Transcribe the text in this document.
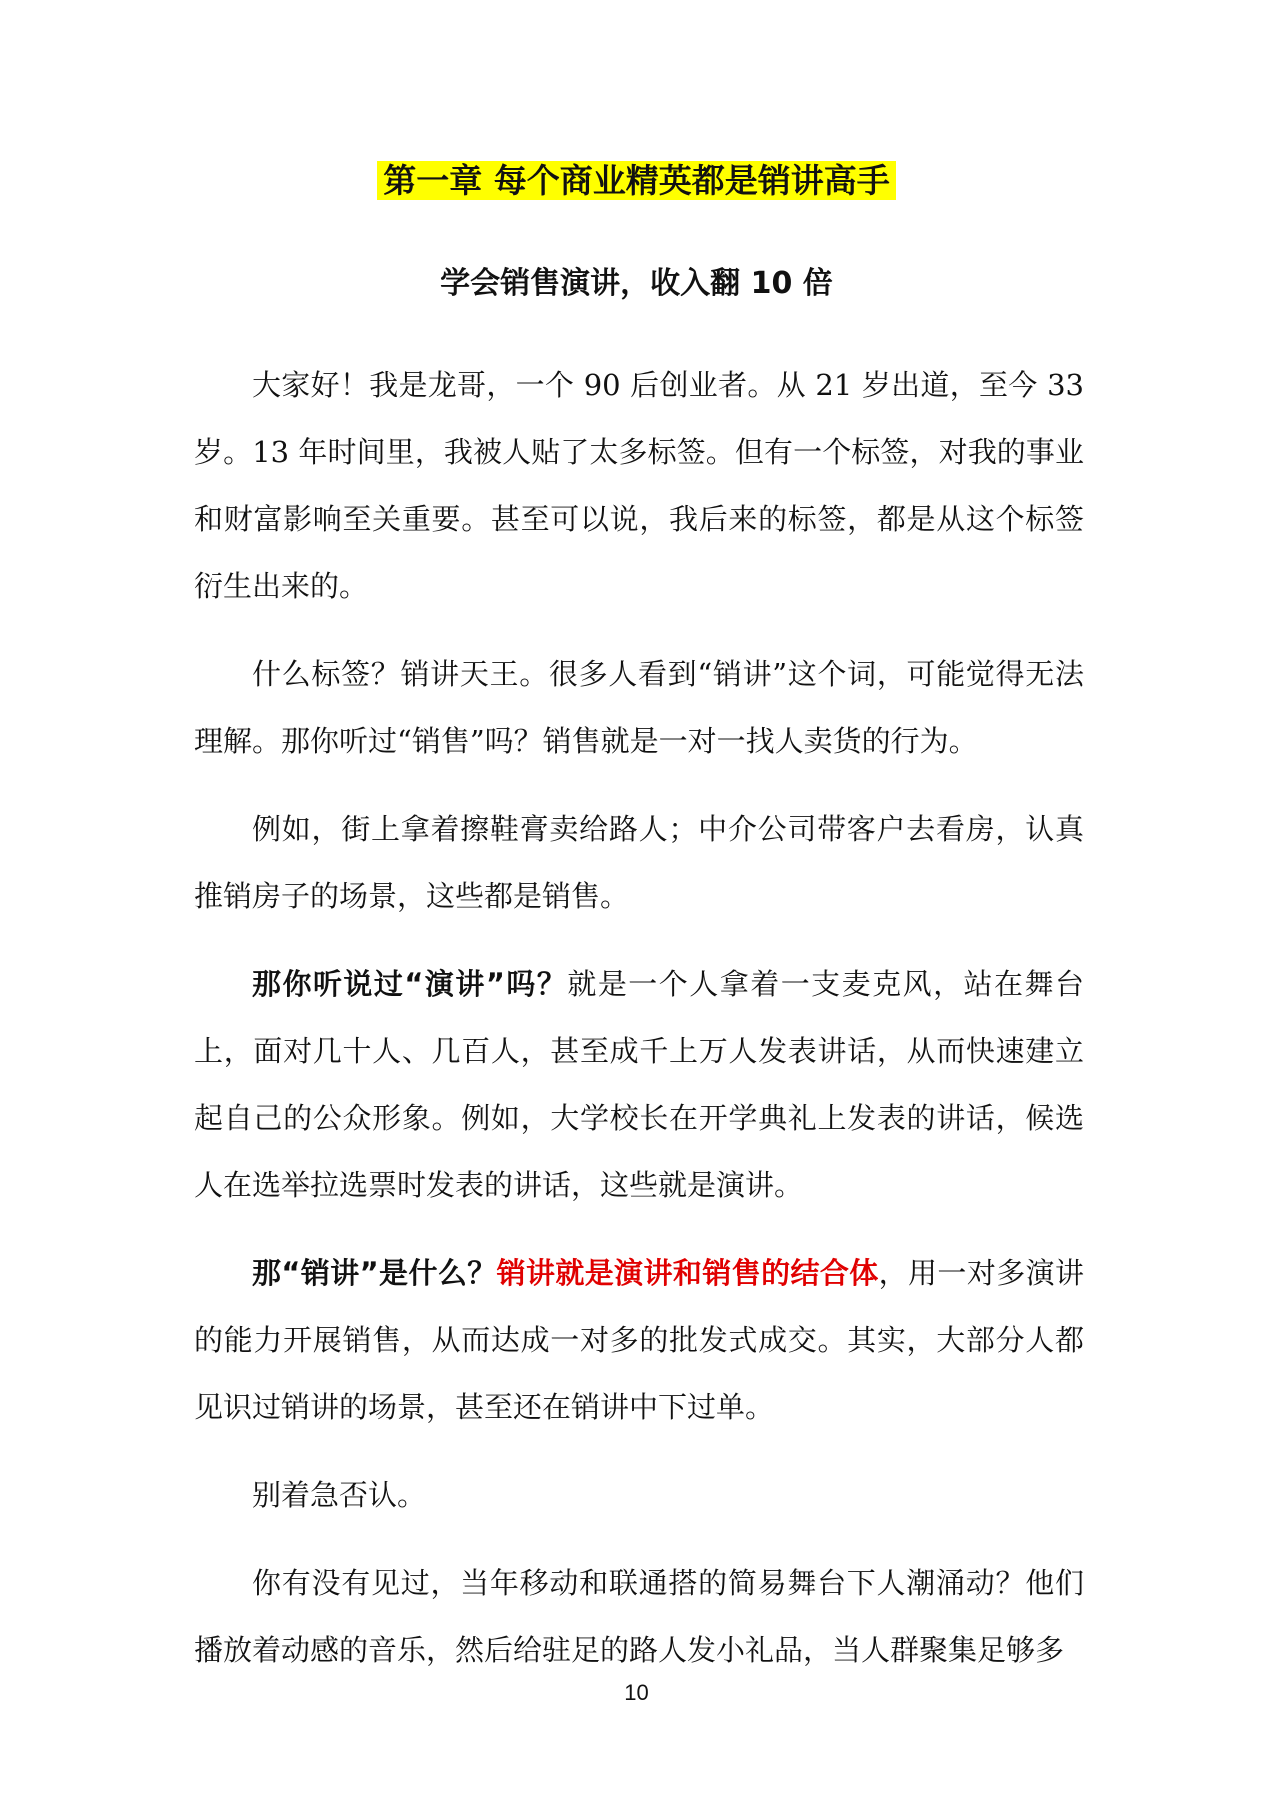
第一章 每个商业精英都是销讲高手
学会销售演讲，收入翻 10 倍

大家好！我是龙哥，一个 90 后创业者。从 21 岁出道，至今 33 岁。13 年时间里，我被人贴了太多标签。但有一个标签，对我的事业和财富影响至关重要。甚至可以说，我后来的标签，都是从这个标签衍生出来的。

什么标签？销讲天王。很多人看到“销讲”这个词，可能觉得无法理解。那你听过“销售”吗？销售就是一对一找人卖货的行为。

例如，街上拿着擦鞋膏卖给路人；中介公司带客户去看房，认真推销房子的场景，这些都是销售。

那你听说过“演讲”吗？就是一个人拿着一支麦克风，站在舞台上，面对几十人、几百人，甚至成千上万人发表讲话，从而快速建立起自己的公众形象。例如，大学校长在开学典礼上发表的讲话，候选人在选举拉选票时发表的讲话，这些就是演讲。

那“销讲”是什么？销讲就是演讲和销售的结合体，用一对多演讲的能力开展销售，从而达成一对多的批发式成交。其实，大部分人都见识过销讲的场景，甚至还在销讲中下过单。

别着急否认。

你有没有见过，当年移动和联通搭的简易舞台下人潮涌动？他们播放着动感的音乐，然后给驻足的路人发小礼品，当人群聚集足够多

10
